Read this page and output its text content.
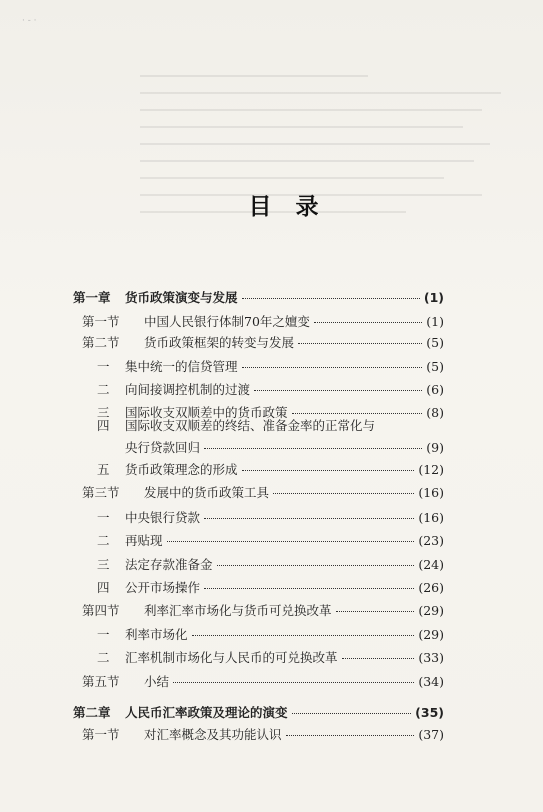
· - ·
目录
第一章	货币政策演变与发展	(1)
第一节	中国人民银行体制70年之嬗变	(1)
第二节	货币政策框架的转变与发展	(5)
一	集中统一的信贷管理	(5)
二	向间接调控机制的过渡	(6)
三	国际收支双顺差中的货币政策	(8)
四	国际收支双顺差的终结、准备金率的正常化与
央行贷款回归	(9)
五	货币政策理念的形成	(12)
第三节	发展中的货币政策工具	(16)
一	中央银行贷款	(16)
二	再贴现	(23)
三	法定存款准备金	(24)
四	公开市场操作	(26)
第四节	利率汇率市场化与货币可兑换改革	(29)
一	利率市场化	(29)
二	汇率机制市场化与人民币的可兑换改革	(33)
第五节	小结	(34)
第二章	人民币汇率政策及理论的演变	(35)
第一节	对汇率概念及其功能认识	(37)
